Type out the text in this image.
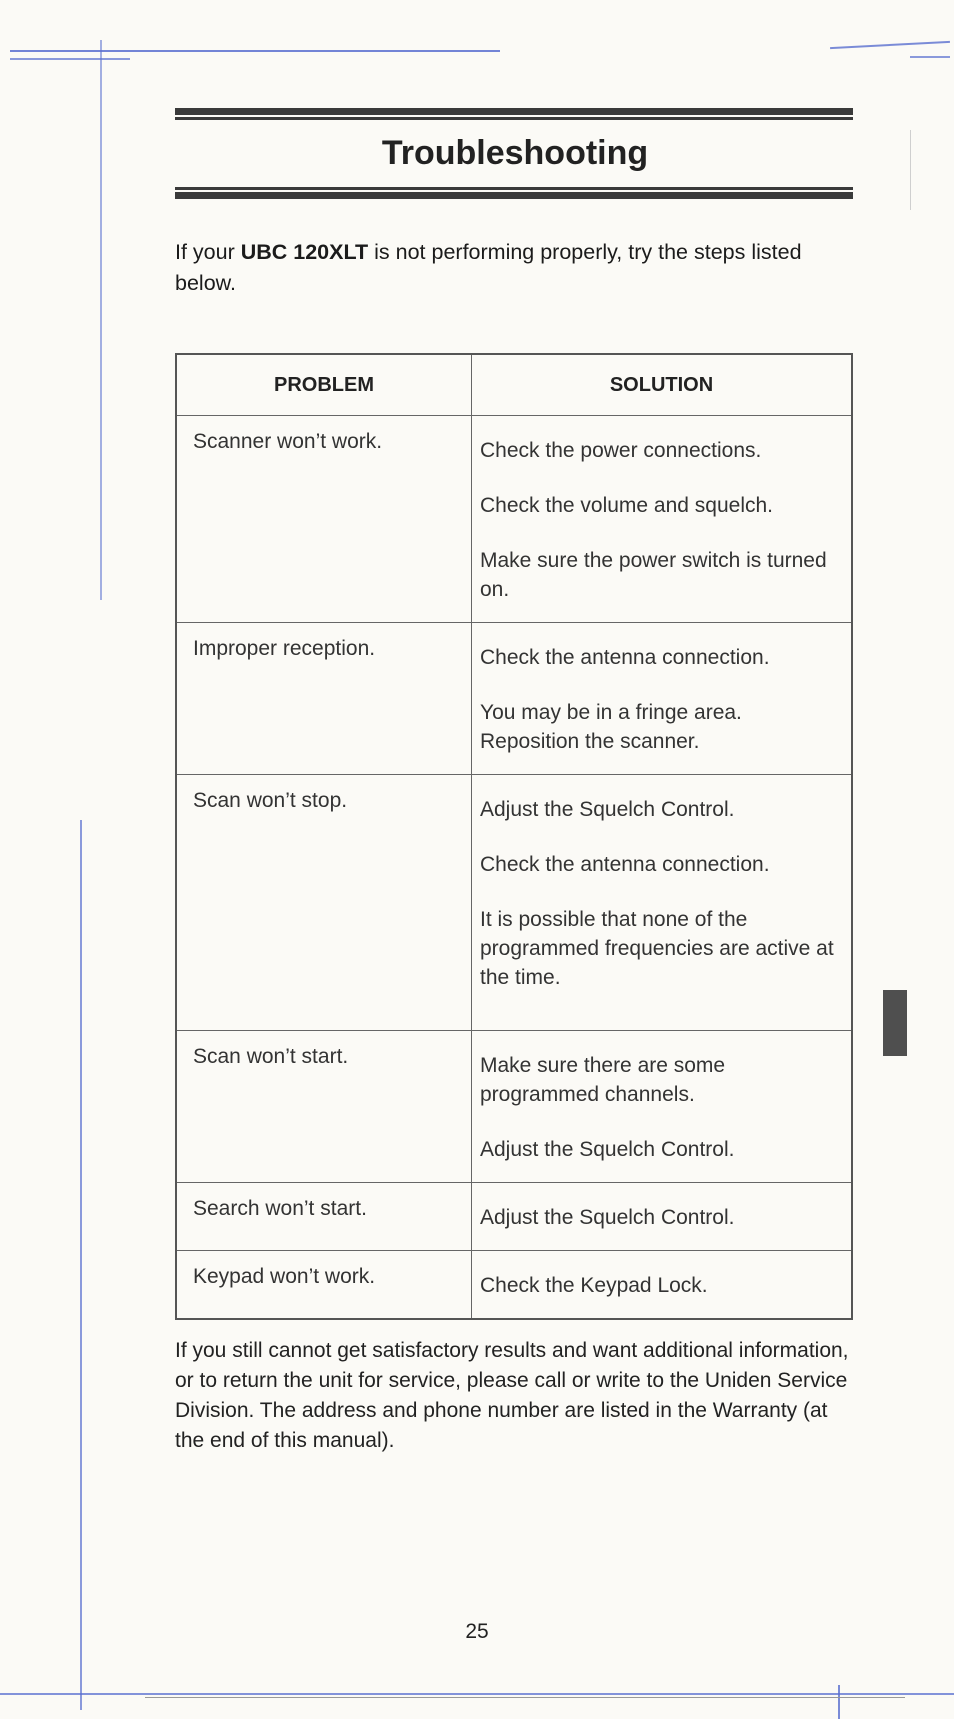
Troubleshooting
If your UBC 120XLT is not performing properly, try the steps listed below.
PROBLEM	SOLUTION
Scanner won’t work.	Check the power connections.
Check the volume and squelch.
Make sure the power switch is turned on.

Improper reception.	Check the antenna connection.
You may be in a fringe area. Reposition the scanner.

Scan won’t stop.	Adjust the Squelch Control.
Check the antenna connection.
It is possible that none of the programmed frequencies are active at the time.

Scan won’t start.	Make sure there are some programmed channels.
Adjust the Squelch Control.

Search won’t start.	Adjust the Squelch Control.

Keypad won’t work.	Check the Keypad Lock.
If you still cannot get satisfactory results and want additional information, or to return the unit for service, please call or write to the Uniden Service Division. The address and phone number are listed in the Warranty (at the end of this manual).
25
